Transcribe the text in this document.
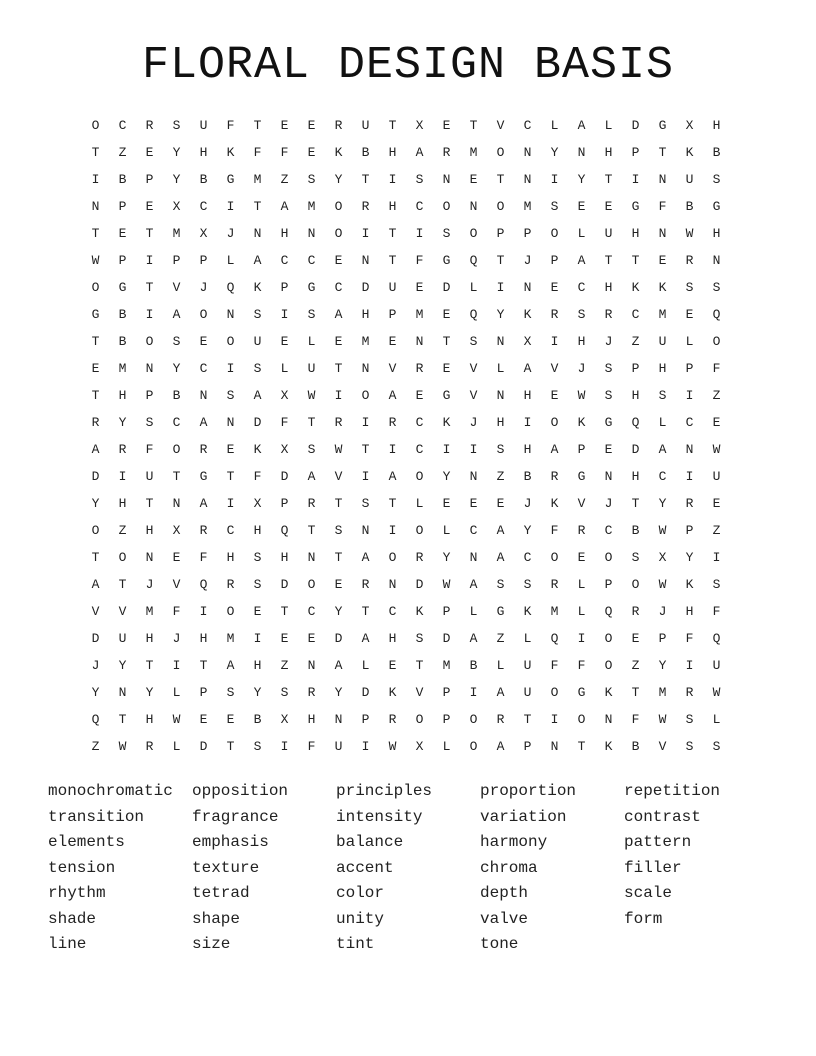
FLORAL DESIGN BASIS
O	C	R	S	U	F	T	E	E	R	U	T	X	E	T	V	C	L	A	L	D	G	X	H
T	Z	E	Y	H	K	F	F	E	K	B	H	A	R	M	O	N	Y	N	H	P	T	K	B
I	B	P	Y	B	G	M	Z	S	Y	T	I	S	N	E	T	N	I	Y	T	I	N	U	S
N	P	E	X	C	I	T	A	M	O	R	H	C	O	N	O	M	S	E	E	G	F	B	G
T	E	T	M	X	J	N	H	N	O	I	T	I	S	O	P	P	O	L	U	H	N	W	H
W	P	I	P	P	L	A	C	C	E	N	T	F	G	Q	T	J	P	A	T	T	E	R	N
O	G	T	V	J	Q	K	P	G	C	D	U	E	D	L	I	N	E	C	H	K	K	S	S
G	B	I	A	O	N	S	I	S	A	H	P	M	E	Q	Y	K	R	S	R	C	M	E	Q
T	B	O	S	E	O	U	E	L	E	M	E	N	T	S	N	X	I	H	J	Z	U	L	O
E	M	N	Y	C	I	S	L	U	T	N	V	R	E	V	L	A	V	J	S	P	H	P	F
T	H	P	B	N	S	A	X	W	I	O	A	E	G	V	N	H	E	W	S	H	S	I	Z
R	Y	S	C	A	N	D	F	T	R	I	R	C	K	J	H	I	O	K	G	Q	L	C	E
A	R	F	O	R	E	K	X	S	W	T	I	C	I	I	S	H	A	P	E	D	A	N	W
D	I	U	T	G	T	F	D	A	V	I	A	O	Y	N	Z	B	R	G	N	H	C	I	U
Y	H	T	N	A	I	X	P	R	T	S	T	L	E	E	E	J	K	V	J	T	Y	R	E
O	Z	H	X	R	C	H	Q	T	S	N	I	O	L	C	A	Y	F	R	C	B	W	P	Z
T	O	N	E	F	H	S	H	N	T	A	O	R	Y	N	A	C	O	E	O	S	X	Y	I
A	T	J	V	Q	R	S	D	O	E	R	N	D	W	A	S	S	R	L	P	O	W	K	S
V	V	M	F	I	O	E	T	C	Y	T	C	K	P	L	G	K	M	L	Q	R	J	H	F
D	U	H	J	H	M	I	E	E	D	A	H	S	D	A	Z	L	Q	I	O	E	P	F	Q
J	Y	T	I	T	A	H	Z	N	A	L	E	T	M	B	L	U	F	F	O	Z	Y	I	U
Y	N	Y	L	P	S	Y	S	R	Y	D	K	V	P	I	A	U	O	G	K	T	M	R	W
Q	T	H	W	E	E	B	X	H	N	P	R	O	P	O	R	T	I	O	N	F	W	S	L
Z	W	R	L	D	T	S	I	F	U	I	W	X	L	O	A	P	N	T	K	B	V	S	S
monochromatic
transition
elements
tension
rhythm
shade
line
opposition
fragrance
emphasis
texture
tetrad
shape
size
principles
intensity
balance
accent
color
unity
tint
proportion
variation
harmony
chroma
depth
valve
tone
repetition
contrast
pattern
filler
scale
form
